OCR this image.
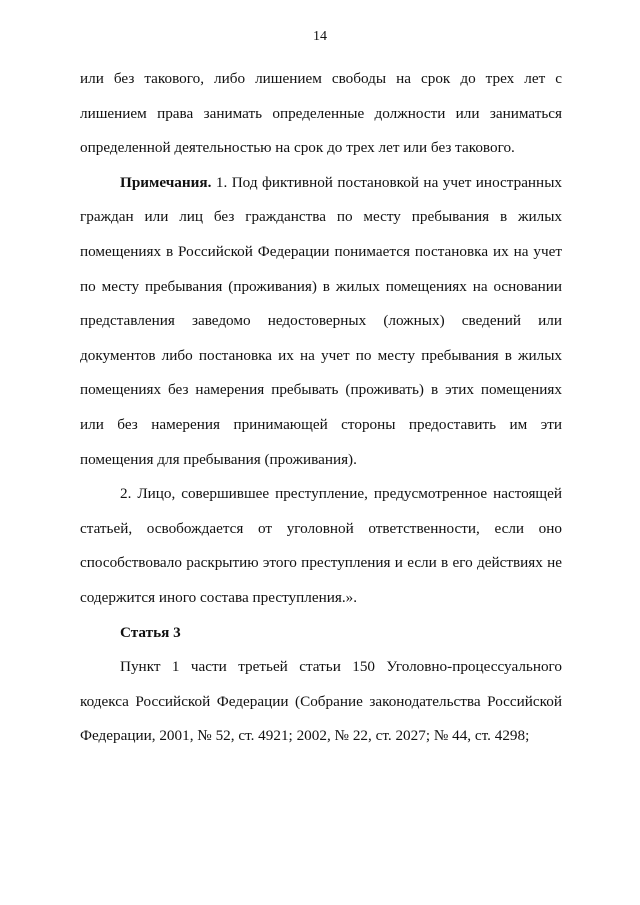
14

или без такового, либо лишением свободы на срок до трех лет с лишением права занимать определенные должности или заниматься определенной деятельностью на срок до трех лет или без такового.

Примечания. 1. Под фиктивной постановкой на учет иностранных граждан или лиц без гражданства по месту пребывания в жилых помещениях в Российской Федерации понимается постановка их на учет по месту пребывания (проживания) в жилых помещениях на основании представления заведомо недостоверных (ложных) сведений или документов либо постановка их на учет по месту пребывания в жилых помещениях без намерения пребывать (проживать) в этих помещениях или без намерения принимающей стороны предоставить им эти помещения для пребывания (проживания).

2. Лицо, совершившее преступление, предусмотренное настоящей статьей, освобождается от уголовной ответственности, если оно способствовало раскрытию этого преступления и если в его действиях не содержится иного состава преступления.».

Статья 3

Пункт 1 части третьей статьи 150 Уголовно-процессуального кодекса Российской Федерации (Собрание законодательства Российской Федерации, 2001, № 52, ст. 4921; 2002, № 22, ст. 2027; № 44, ст. 4298;
